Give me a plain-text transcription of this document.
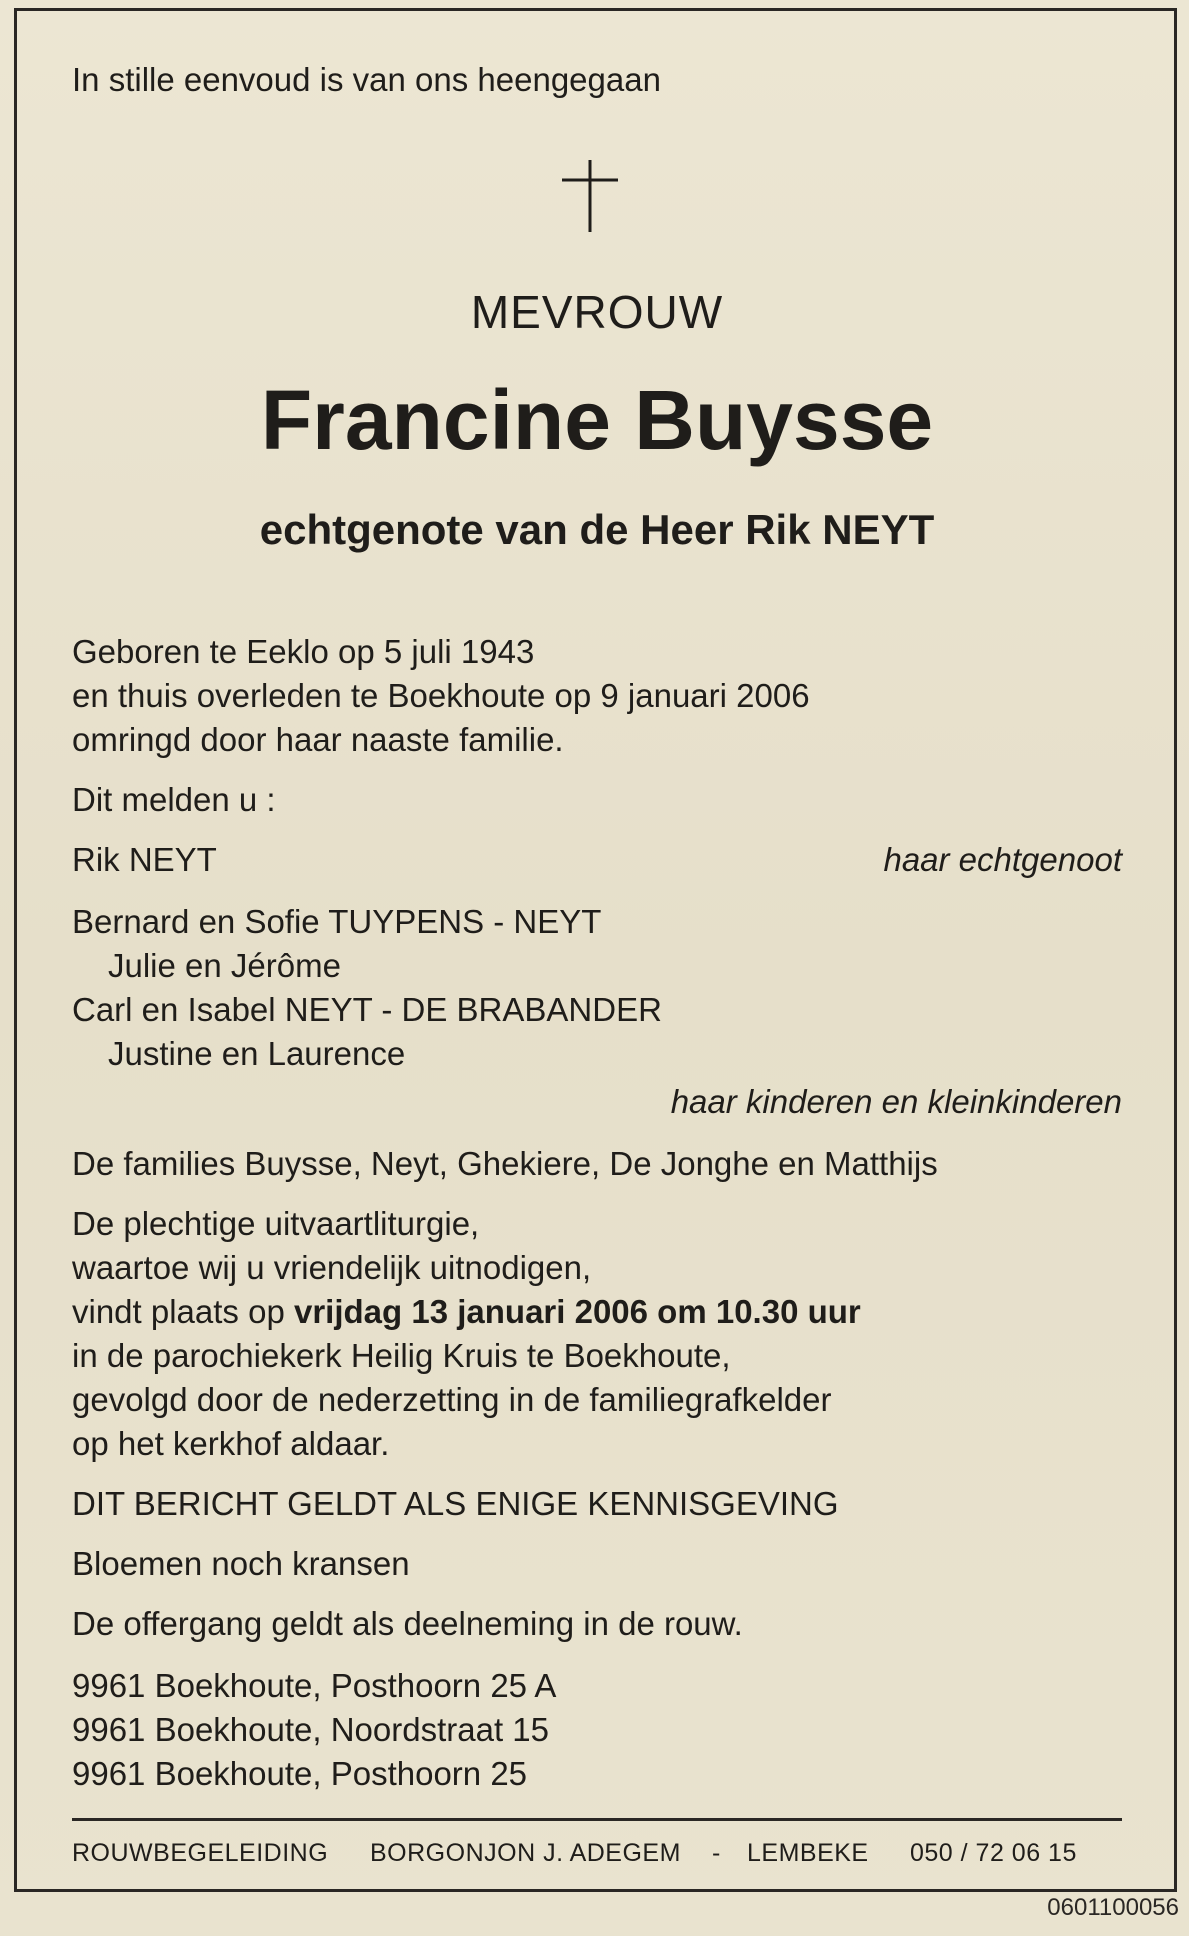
In stille eenvoud is van ons heengegaan
MEVROUW
Francine Buysse
echtgenote van de Heer Rik NEYT
Geboren te Eeklo op 5 juli 1943
en thuis overleden te Boekhoute op 9 januari 2006
omringd door haar naaste familie.
Dit melden u :
Rik NEYT	haar echtgenoot
Bernard en Sofie TUYPENS - NEYT
Julie en Jérôme
Carl en Isabel NEYT - DE BRABANDER
Justine en Laurence
haar kinderen en kleinkinderen
De families Buysse, Neyt, Ghekiere, De Jonghe en Matthijs
De plechtige uitvaartliturgie,
waartoe wij u vriendelijk uitnodigen,
vindt plaats op vrijdag 13 januari 2006 om 10.30 uur
in de parochiekerk Heilig Kruis te Boekhoute,
gevolgd door de nederzetting in de familiegrafkelder
op het kerkhof aldaar.
DIT BERICHT GELDT ALS ENIGE KENNISGEVING
Bloemen noch kransen
De offergang geldt als deelneming in de rouw.
9961 Boekhoute, Posthoorn 25 A
9961 Boekhoute, Noordstraat 15
9961 Boekhoute, Posthoorn 25
ROUWBEGELEIDING BORGONJON J. ADEGEM - LEMBEKE 050 / 72 06 15
0601100056
